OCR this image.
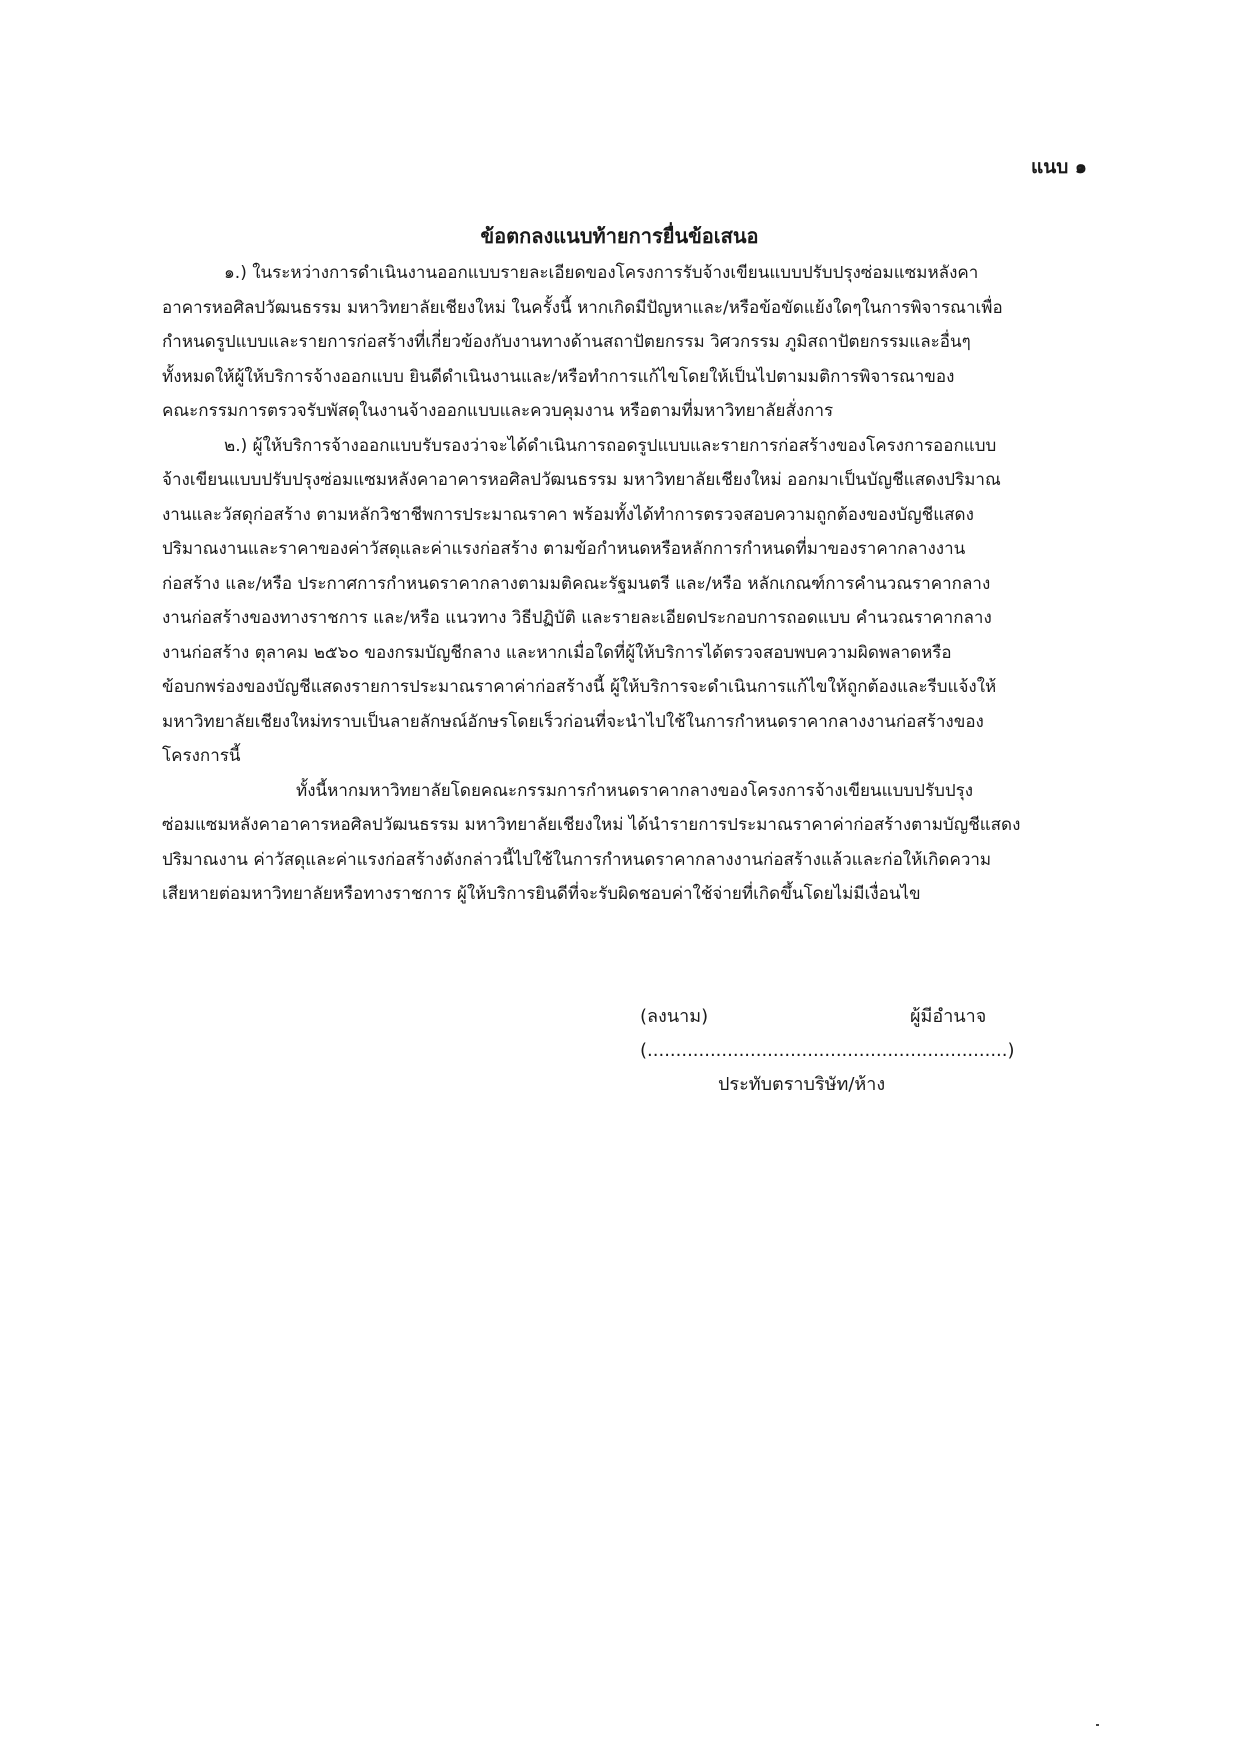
แนบ ๑
ข้อตกลงแนบท้ายการยื่นข้อเสนอ
๑.) ในระหว่างการดำเนินงานออกแบบรายละเอียดของโครงการรับจ้างเขียนแบบปรับปรุงซ่อมแซมหลังคา
อาคารหอศิลปวัฒนธรรม มหาวิทยาลัยเชียงใหม่ ในครั้งนี้ หากเกิดมีปัญหาและ/หรือข้อขัดแย้งใดๆในการพิจารณาเพื่อ
กำหนดรูปแบบและรายการก่อสร้างที่เกี่ยวข้องกับงานทางด้านสถาปัตยกรรม วิศวกรรม ภูมิสถาปัตยกรรมและอื่นๆ
ทั้งหมดให้ผู้ให้บริการจ้างออกแบบ ยินดีดำเนินงานและ/หรือทำการแก้ไขโดยให้เป็นไปตามมติการพิจารณาของ
คณะกรรมการตรวจรับพัสดุในงานจ้างออกแบบและควบคุมงาน หรือตามที่มหาวิทยาลัยสั่งการ
๒.) ผู้ให้บริการจ้างออกแบบรับรองว่าจะได้ดำเนินการถอดรูปแบบและรายการก่อสร้างของโครงการออกแบบ
จ้างเขียนแบบปรับปรุงซ่อมแซมหลังคาอาคารหอศิลปวัฒนธรรม มหาวิทยาลัยเชียงใหม่ ออกมาเป็นบัญชีแสดงปริมาณ
งานและวัสดุก่อสร้าง ตามหลักวิชาชีพการประมาณราคา พร้อมทั้งได้ทำการตรวจสอบความถูกต้องของบัญชีแสดง
ปริมาณงานและราคาของค่าวัสดุและค่าแรงก่อสร้าง ตามข้อกำหนดหรือหลักการกำหนดที่มาของราคากลางงาน
ก่อสร้าง และ/หรือ ประกาศการกำหนดราคากลางตามมติคณะรัฐมนตรี และ/หรือ หลักเกณฑ์การคำนวณราคากลาง
งานก่อสร้างของทางราชการ และ/หรือ แนวทาง วิธีปฏิบัติ และรายละเอียดประกอบการถอดแบบ คำนวณราคากลาง
งานก่อสร้าง ตุลาคม ๒๕๖๐ ของกรมบัญชีกลาง และหากเมื่อใดที่ผู้ให้บริการได้ตรวจสอบพบความผิดพลาดหรือ
ข้อบกพร่องของบัญชีแสดงรายการประมาณราคาค่าก่อสร้างนี้ ผู้ให้บริการจะดำเนินการแก้ไขให้ถูกต้องและรีบแจ้งให้
มหาวิทยาลัยเชียงใหม่ทราบเป็นลายลักษณ์อักษรโดยเร็วก่อนที่จะนำไปใช้ในการกำหนดราคากลางงานก่อสร้างของ
โครงการนี้
ทั้งนี้หากมหาวิทยาลัยโดยคณะกรรมการกำหนดราคากลางของโครงการจ้างเขียนแบบปรับปรุง
ซ่อมแซมหลังคาอาคารหอศิลปวัฒนธรรม มหาวิทยาลัยเชียงใหม่ ได้นำรายการประมาณราคาค่าก่อสร้างตามบัญชีแสดง
ปริมาณงาน ค่าวัสดุและค่าแรงก่อสร้างดังกล่าวนี้ไปใช้ในการกำหนดราคากลางงานก่อสร้างแล้วและก่อให้เกิดความ
เสียหายต่อมหาวิทยาลัยหรือทางราชการ ผู้ให้บริการยินดีที่จะรับผิดชอบค่าใช้จ่ายที่เกิดขึ้นโดยไม่มีเงื่อนไข
(ลงนาม)	ผู้มีอำนาจ
(...............................................................)
ประทับตราบริษัท/ห้าง
